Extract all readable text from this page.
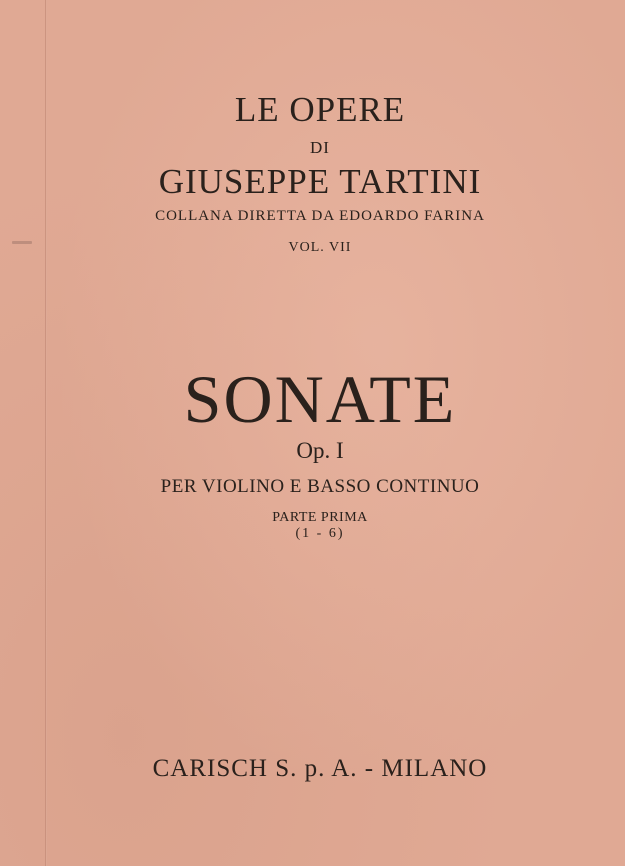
LE OPERE
DI
GIUSEPPE TARTINI
COLLANA DIRETTA DA EDOARDO FARINA
VOL. VII
SONATE
Op. I
PER VIOLINO E BASSO CONTINUO
PARTE PRIMA
(1 - 6)
CARISCH S. p. A. - MILANO
